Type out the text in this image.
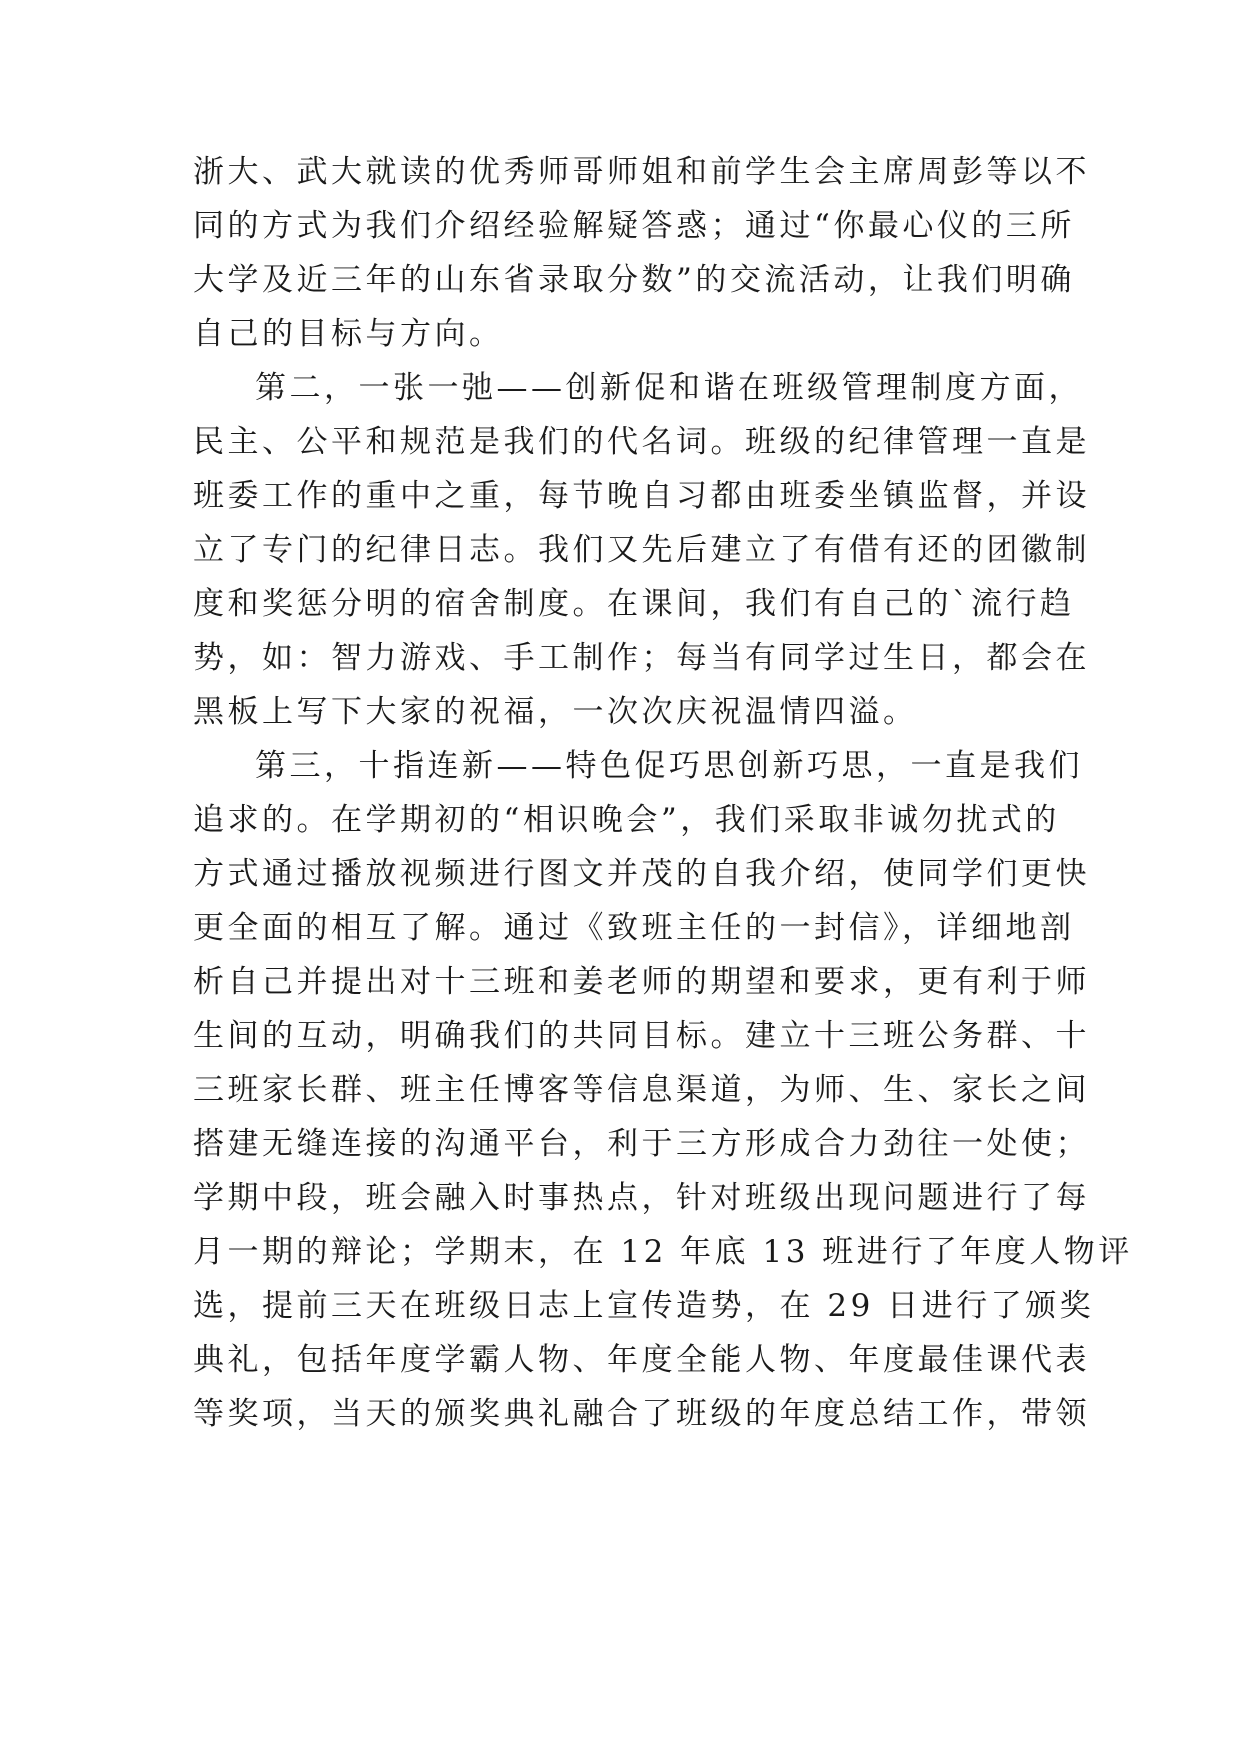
浙大、武大就读的优秀师哥师姐和前学生会主席周彭等以不
同的方式为我们介绍经验解疑答惑；通过“你最心仪的三所
大学及近三年的山东省录取分数”的交流活动，让我们明确
自己的目标与方向。
第二，一张一弛——创新促和谐在班级管理制度方面，
民主、公平和规范是我们的代名词。班级的纪律管理一直是
班委工作的重中之重，每节晚自习都由班委坐镇监督，并设
立了专门的纪律日志。我们又先后建立了有借有还的团徽制
度和奖惩分明的宿舍制度。在课间，我们有自己的`流行趋
势，如：智力游戏、手工制作；每当有同学过生日，都会在
黑板上写下大家的祝福，一次次庆祝温情四溢。
第三，十指连新——特色促巧思创新巧思，一直是我们
追求的。在学期初的“相识晚会”，我们采取非诚勿扰式的
方式通过播放视频进行图文并茂的自我介绍，使同学们更快
更全面的相互了解。通过《致班主任的一封信》，详细地剖
析自己并提出对十三班和姜老师的期望和要求，更有利于师
生间的互动，明确我们的共同目标。建立十三班公务群、十
三班家长群、班主任博客等信息渠道，为师、生、家长之间
搭建无缝连接的沟通平台，利于三方形成合力劲往一处使；
学期中段，班会融入时事热点，针对班级出现问题进行了每
月一期的辩论；学期末，在 12 年底 13 班进行了年度人物评
选，提前三天在班级日志上宣传造势，在 29 日进行了颁奖
典礼，包括年度学霸人物、年度全能人物、年度最佳课代表
等奖项，当天的颁奖典礼融合了班级的年度总结工作，带领
